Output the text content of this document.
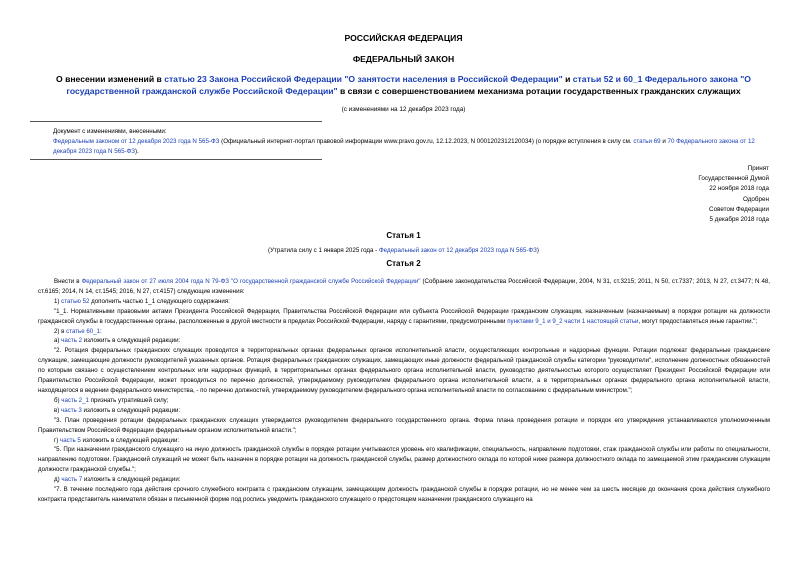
РОССИЙСКАЯ ФЕДЕРАЦИЯ
ФЕДЕРАЛЬНЫЙ ЗАКОН
О внесении изменений в статью 23 Закона Российской Федерации "О занятости населения в Российской Федерации" и статьи 52 и 60_1 Федерального закона "О государственной гражданской службе Российской Федерации" в связи с совершенствованием механизма ротации государственных гражданских служащих
(с изменениями на 12 декабря 2023 года)
Документ с изменениями, внесенными:
Федеральным законом от 12 декабря 2023 года N 565-ФЗ (Официальный интернет-портал правовой информации www.pravo.gov.ru, 12.12.2023, N 0001202312120034) (о порядке вступления в силу см. статьи 69 и 70 Федерального закона от 12 декабря 2023 года N 565-ФЗ).
Принят
Государственной Думой
22 ноября 2018 года
Одобрен
Советом Федерации
5 декабря 2018 года
Статья 1
(Утратила силу с 1 января 2025 года - Федеральный закон от 12 декабря 2023 года N 565-ФЗ)
Статья 2

Внести в Федеральный закон от 27 июля 2004 года N 79-ФЗ "О государственной гражданской службе Российской Федерации" (Собрание законодательства Российской Федерации, 2004, N 31, ст.3215; 2011, N 50, ст.7337; 2013, N 27, ст.3477; N 48, ст.6165; 2014, N 14, ст.1545; 2016, N 27, ст.4157) следующие изменения:

1) статью 52 дополнить частью 1_1 следующего содержания:

"1_1. Нормативными правовыми актами Президента Российской Федерации, Правительства Российской Федерации или субъекта Российской Федерации гражданским служащим, назначенным (назначаемым) в порядке ротации на должности гражданской службы в государственные органы, расположенные в другой местности в пределах Российской Федерации, наряду с гарантиями, предусмотренными пунктами 9_1 и 9_2 части 1 настоящей статьи, могут предоставляться иные гарантии.";

2) в статье 60_1:

а) часть 2 изложить в следующей редакции:

"2. Ротация федеральных гражданских служащих проводится в территориальных органах федеральных органов исполнительной власти, осуществляющих контрольные и надзорные функции. Ротации подлежат федеральные гражданские служащие, замещающие должности руководителей указанных органов. Ротация федеральных гражданских служащих, замещающих иные должности федеральной гражданской службы категории "руководители", исполнение должностных обязанностей по которым связано с осуществлением контрольных или надзорных функций, в территориальных органах федерального органа исполнительной власти, руководство деятельностью которого осуществляет Президент Российской Федерации или Правительство Российской Федерации, может проводиться по перечню должностей, утверждаемому руководителем федерального органа исполнительной власти, а в территориальных органах федерального органа исполнительной власти, находящегося в ведении федерального министерства, - по перечню должностей, утверждаемому руководителем федерального органа исполнительной власти по согласованию с федеральным министром.";

б) часть 2_1 признать утратившей силу;

в) часть 3 изложить в следующей редакции:

"3. План проведения ротации федеральных гражданских служащих утверждается руководителем федерального государственного органа. Форма плана проведения ротации и порядок его утверждения устанавливаются уполномоченным Правительством Российской Федерации федеральным органом исполнительной власти.";

г) часть 5 изложить в следующей редакции:

"5. При назначении гражданского служащего на иную должность гражданской службы в порядке ротации учитываются уровень его квалификации, специальность, направление подготовки, стаж гражданской службы или работы по специальности, направлению подготовки. Гражданский служащий не может быть назначен в порядке ротации на должность гражданской службы, размер должностного оклада по которой ниже размера должностного оклада по замещаемой этим гражданским служащим должности гражданской службы.";

д) часть 7 изложить в следующей редакции:

"7. В течение последнего года действия срочного служебного контракта с гражданским служащим, замещающим должность гражданской службы в порядке ротации, но не менее чем за шесть месяцев до окончания срока действия служебного контракта представитель нанимателя обязан в письменной форме под роспись уведомить гражданского служащего о предстоящем назначении гражданского служащего на
